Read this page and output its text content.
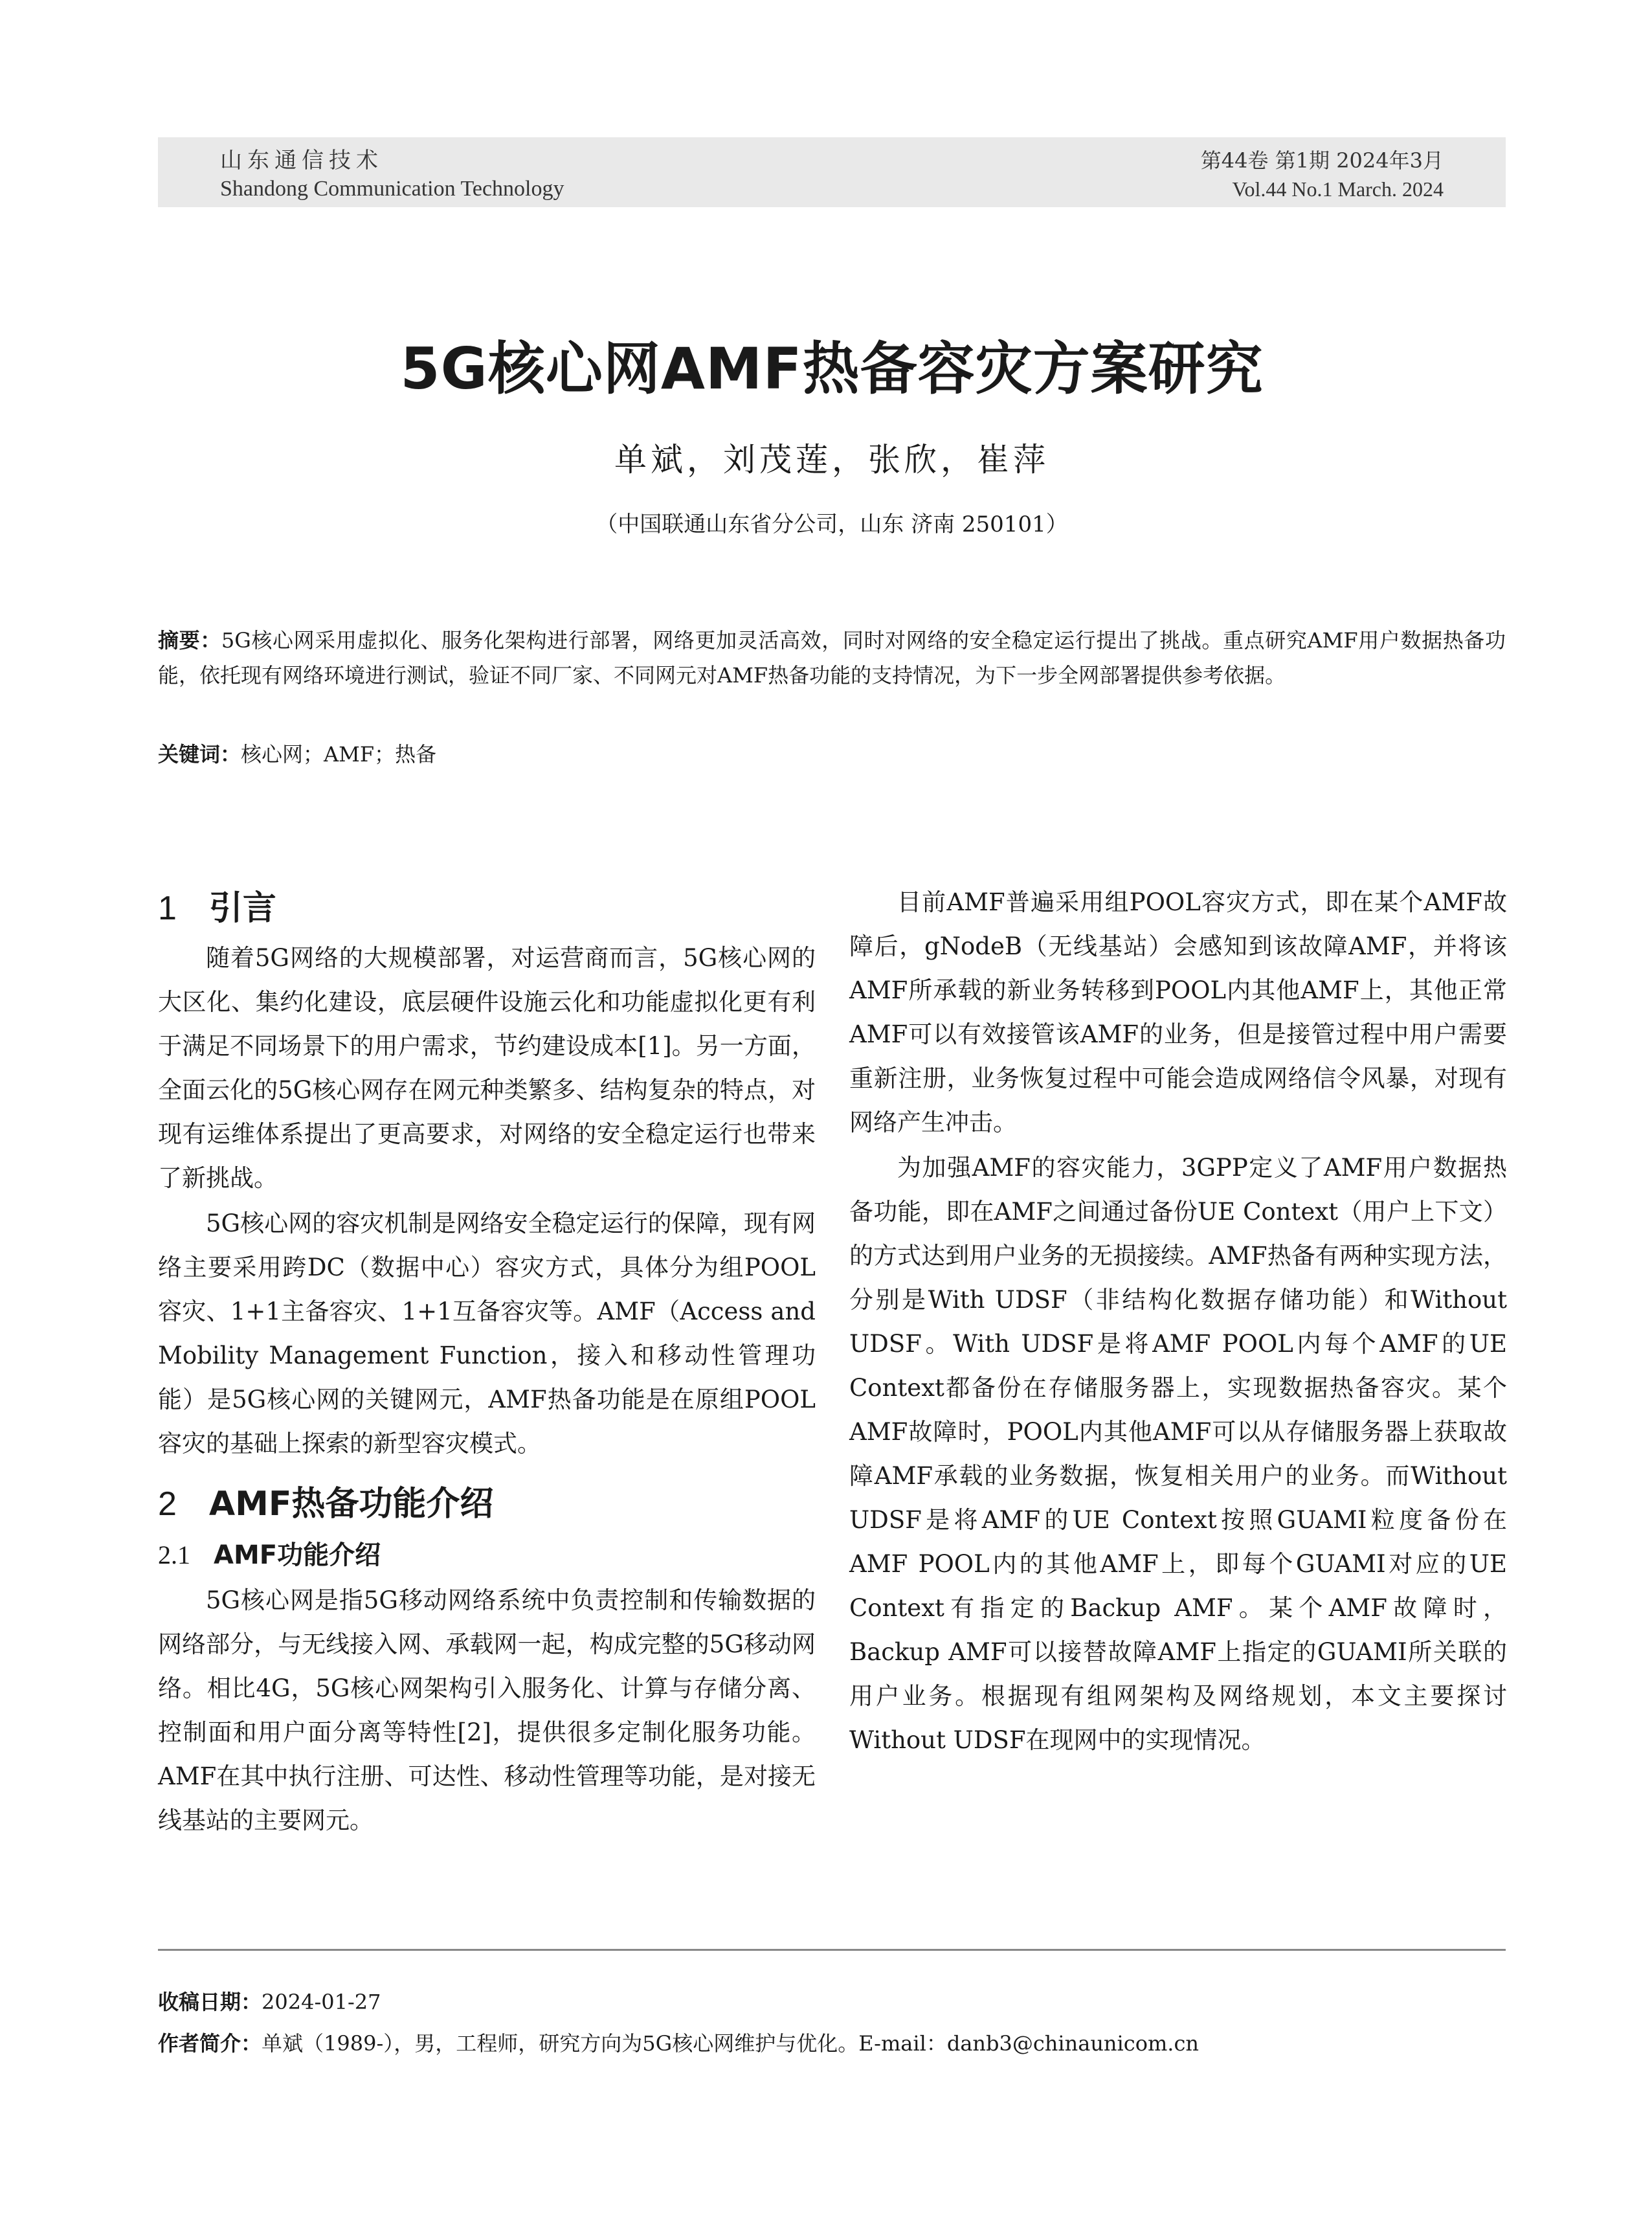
山东通信技术
Shandong Communication Technology
第44卷 第1期 2024年3月
Vol.44 No.1 March. 2024
5G核心网AMF热备容灾方案研究
单斌，刘茂莲，张欣，崔萍
（中国联通山东省分公司，山东 济南 250101）
摘要：5G核心网采用虚拟化、服务化架构进行部署，网络更加灵活高效，同时对网络的安全稳定运行提出了挑战。重点研究AMF用户数据热备功能，依托现有网络环境进行测试，验证不同厂家、不同网元对AMF热备功能的支持情况，为下一步全网部署提供参考依据。
关键词：核心网；AMF；热备
1 引言

随着5G网络的大规模部署，对运营商而言，5G核心网的大区化、集约化建设，底层硬件设施云化和功能虚拟化更有利于满足不同场景下的用户需求，节约建设成本[1]。另一方面，全面云化的5G核心网存在网元种类繁多、结构复杂的特点，对现有运维体系提出了更高要求，对网络的安全稳定运行也带来了新挑战。

5G核心网的容灾机制是网络安全稳定运行的保障，现有网络主要采用跨DC（数据中心）容灾方式，具体分为组POOL容灾、1+1主备容灾、1+1互备容灾等。AMF（Access and Mobility Management Function，接入和移动性管理功能）是5G核心网的关键网元，AMF热备功能是在原组POOL容灾的基础上探索的新型容灾模式。

2 AMF热备功能介绍
2.1 AMF功能介绍

5G核心网是指5G移动网络系统中负责控制和传输数据的网络部分，与无线接入网、承载网一起，构成完整的5G移动网络。相比4G，5G核心网架构引入服务化、计算与存储分离、控制面和用户面分离等特性[2]，提供很多定制化服务功能。AMF在其中执行注册、可达性、移动性管理等功能，是对接无线基站的主要网元。

目前AMF普遍采用组POOL容灾方式，即在某个AMF故障后，gNodeB（无线基站）会感知到该故障AMF，并将该AMF所承载的新业务转移到POOL内其他AMF上，其他正常AMF可以有效接管该AMF的业务，但是接管过程中用户需要重新注册，业务恢复过程中可能会造成网络信令风暴，对现有网络产生冲击。

为加强AMF的容灾能力，3GPP定义了AMF用户数据热备功能，即在AMF之间通过备份UE Context（用户上下文）的方式达到用户业务的无损接续。AMF热备有两种实现方法，分别是With UDSF（非结构化数据存储功能）和Without UDSF。With UDSF是将AMF POOL内每个AMF的UE Context都备份在存储服务器上，实现数据热备容灾。某个AMF故障时，POOL内其他AMF可以从存储服务器上获取故障AMF承载的业务数据，恢复相关用户的业务。而Without UDSF是将AMF的UE Context按照GUAMI粒度备份在AMF POOL内的其他AMF上，即每个GUAMI对应的UE Context有指定的Backup AMF。某个AMF故障时，Backup AMF可以接替故障AMF上指定的GUAMI所关联的用户业务。根据现有组网架构及网络规划，本文主要探讨Without UDSF在现网中的实现情况。

收稿日期：2024-01-27
作者简介：单斌（1989-），男，工程师，研究方向为5G核心网维护与优化。E-mail：danb3@chinaunicom.cn
